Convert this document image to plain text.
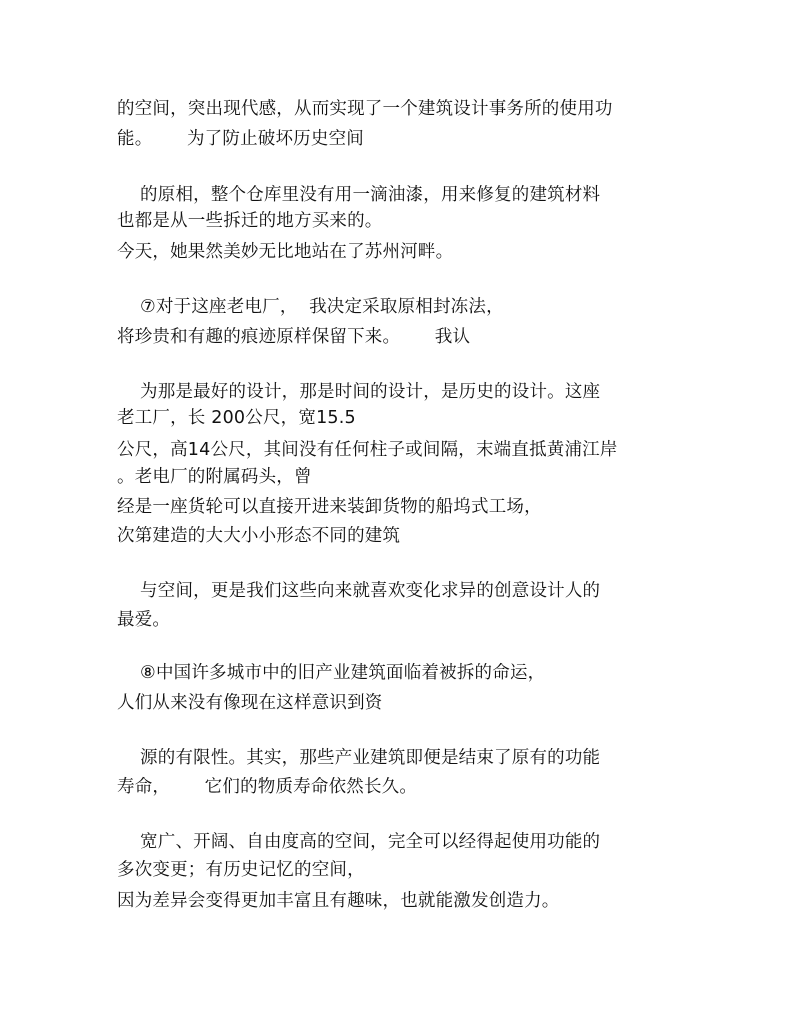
的空间，突出现代感，从而实现了一个建筑设计事务所的使用功
能。      为了防止破坏历史空间
的原相，整个仓库里没有用一滴油漆，用来修复的建筑材料
也都是从一些拆迁的地方买来的。
今天，她果然美妙无比地站在了苏州河畔。
⑦对于这座老电厂，  我决定采取原相封冻法，
将珍贵和有趣的痕迹原样保留下来。      我认
为那是最好的设计，那是时间的设计，是历史的设计。这座
老工厂，长 200公尺，宽15.5
公尺，高14公尺，其间没有任何柱子或间隔，末端直抵黄浦江岸
。老电厂的附属码头，曾
经是一座货轮可以直接开进来装卸货物的船坞式工场，
次第建造的大大小小形态不同的建筑
与空间，更是我们这些向来就喜欢变化求异的创意设计人的
最爱。
⑧中国许多城市中的旧产业建筑面临着被拆的命运，
人们从来没有像现在这样意识到资
源的有限性。其实，那些产业建筑即便是结束了原有的功能
寿命，      它们的物质寿命依然长久。
宽广、开阔、自由度高的空间，完全可以经得起使用功能的
多次变更；有历史记忆的空间，
因为差异会变得更加丰富且有趣味，也就能激发创造力。
